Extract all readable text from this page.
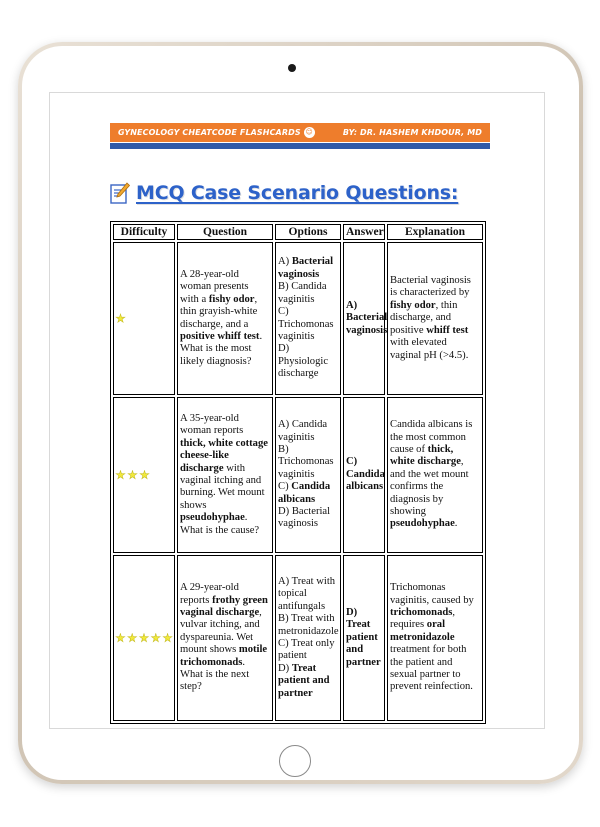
GYNECOLOGY CHEATCODE FLASHCARDS ☺	BY: DR. HASHEM KHDOUR, MD
MCQ Case Scenario Questions:
Difficulty	Question	Options	Answer	Explanation

	A 28-year-old woman presents with a fishy odor, thin grayish-white discharge, and a positive whiff test. What is the most likely diagnosis?	A) Bacterial vaginosis
B) Candida vaginitis
C) Trichomonas vaginitis
D) Physiologic discharge	A) Bacterial vaginosis	Bacterial vaginosis is characterized by fishy odor, thin discharge, and positive whiff test with elevated vaginal pH (>4.5).

	A 35-year-old woman reports thick, white cottage cheese-like discharge with vaginal itching and burning. Wet mount shows pseudohyphae. What is the cause?	A) Candida vaginitis
B) Trichomonas vaginitis
C) Candida albicans
D) Bacterial vaginosis	C) Candida albicans	Candida albicans is the most common cause of thick, white discharge, and the wet mount confirms the diagnosis by showing pseudohyphae.

	A 29-year-old reports frothy green vaginal discharge, vulvar itching, and dyspareunia. Wet mount shows motile trichomonads. What is the next step?	A) Treat with topical antifungals
B) Treat with metronidazole
C) Treat only patient
D) Treat patient and partner	D) Treat patient and partner	Trichomonas vaginitis, caused by trichomonads, requires oral metronidazole treatment for both the patient and sexual partner to prevent reinfection.
